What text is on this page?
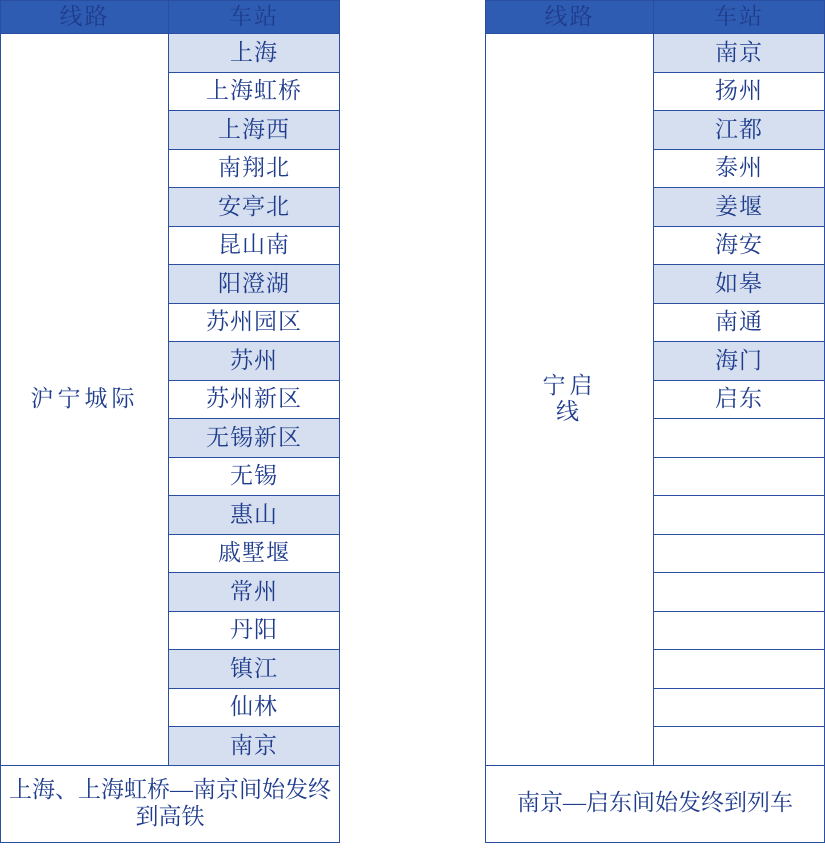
线路	车站
沪宁城际	上海
	上海虹桥
	上海西
	南翔北
	安亭北
	昆山南
	阳澄湖
	苏州园区
	苏州
	苏州新区
	无锡新区
	无锡
	惠山
	戚墅堰
	常州
	丹阳
	镇江
	仙林
	南京
上海、上海虹桥—南京间始发终到高铁	
线路	车站
宁启线	南京
	扬州
	江都
	泰州
	姜堰
	海安
	如皋
	南通
	海门
	启东

南京—启东间始发终到列车	
